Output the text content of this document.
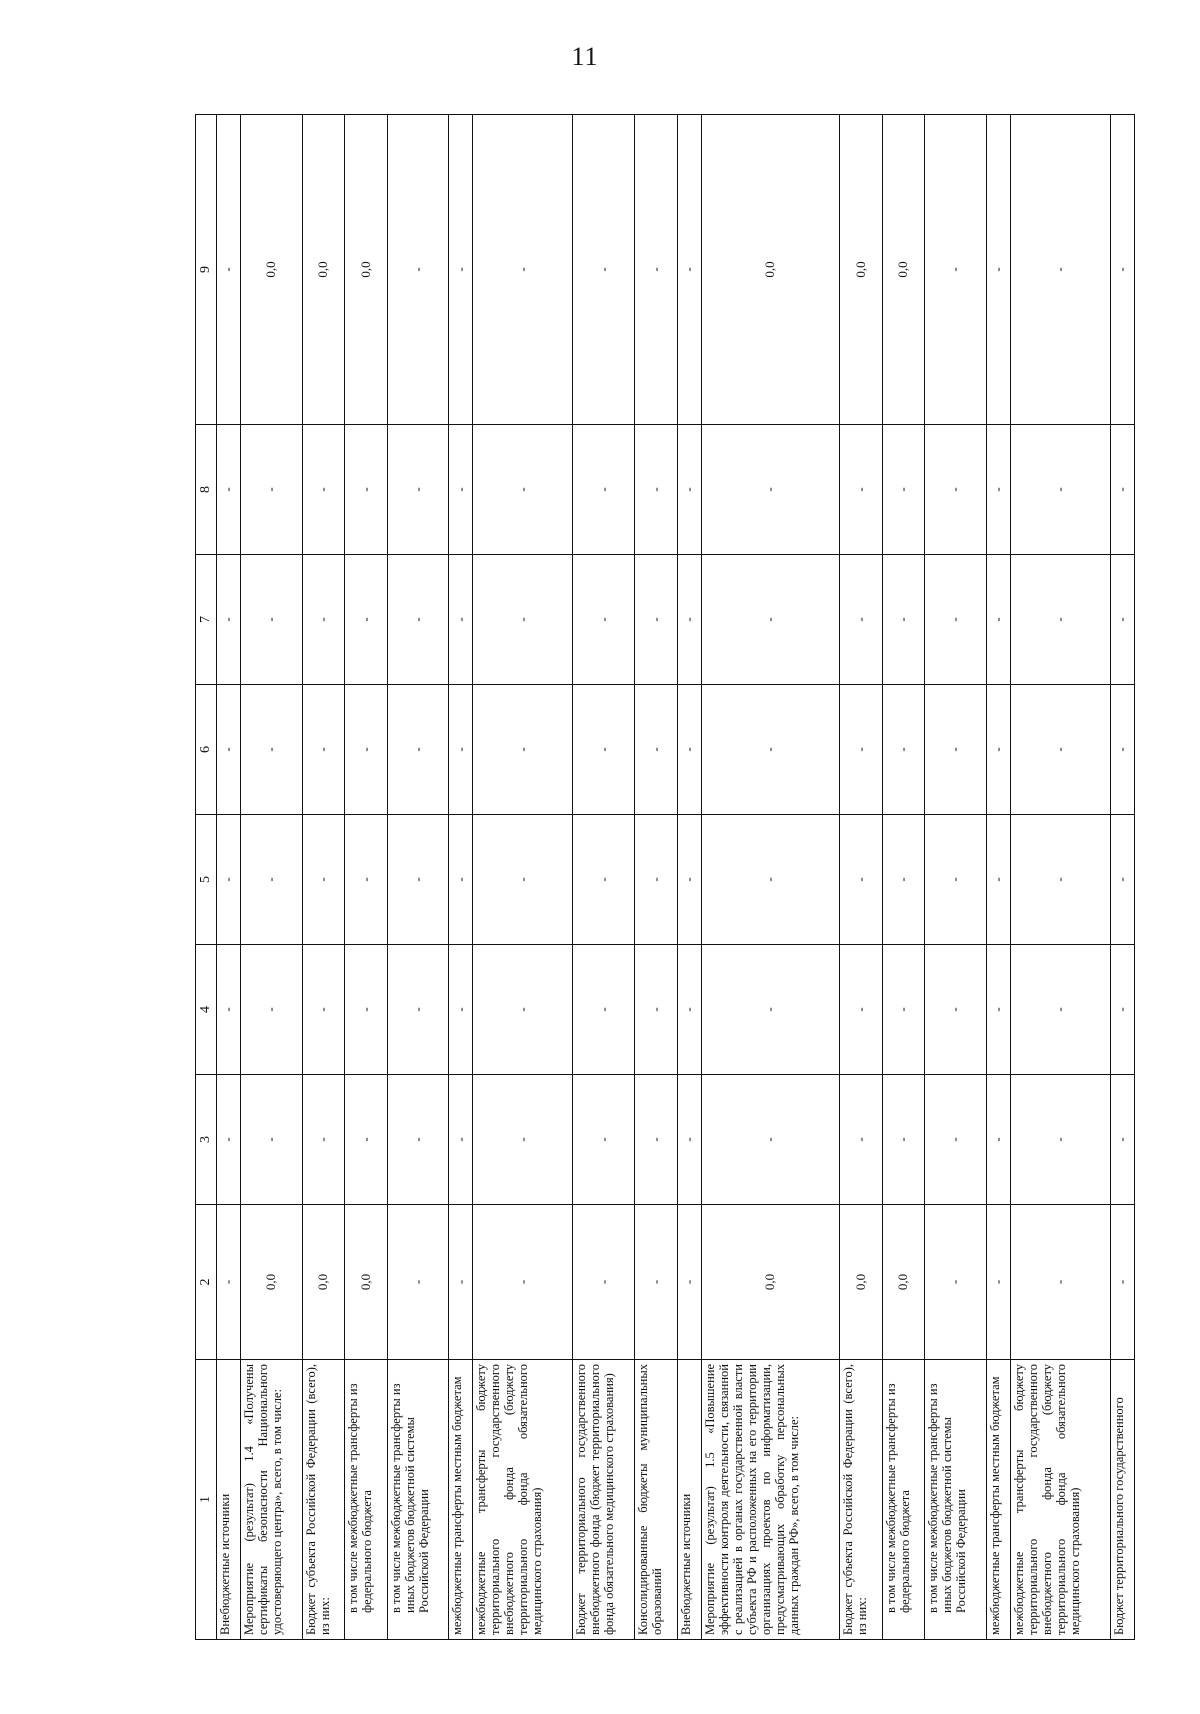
11
1	2	3	4	5	6	7	8	9
Внебюджетные источники	-	-	-	-	-	-	-	-
Мероприятие (результат) 1.4 «Получены сертификаты безопасности Национального удостоверяющего центра», всего, в том числе:	0,0	-	-	-	-	-	-	0,0
Бюджет субъекта Российской Федерации (всего), из них:	0,0	-	-	-	-	-	-	0,0
в том числе межбюджетные трансферты из федерального бюджета	0,0	-	-	-	-	-	-	0,0
в том числе межбюджетные трансферты из иных бюджетов бюджетной системы Российской Федерации	-	-	-	-	-	-	-	-
межбюджетные трансферты местным бюджетам	-	-	-	-	-	-	-	-
межбюджетные трансферты бюджету территориального государственного внебюджетного фонда (бюджету территориального фонда обязательного медицинского страхования)	-	-	-	-	-	-	-	-
Бюджет территориального государственного внебюджетного фонда (бюджет территориального фонда обязательного медицинского страхования)	-	-	-	-	-	-	-	-
Консолидированные бюджеты муниципальных образований	-	-	-	-	-	-	-	-
Внебюджетные источники	-	-	-	-	-	-	-	-
Мероприятие (результат) 1.5 «Повышение эффективности контроля деятельности, связанной с реализацией в органах государственной власти субъекта РФ и расположенных на его территории организациях проектов по информатизации, предусматривающих обработку персональных данных граждан РФ», всего, в том числе:	0,0	-	-	-	-	-	-	0,0
Бюджет субъекта Российской Федерации (всего), из них:	0,0	-	-	-	-	-	-	0,0
в том числе межбюджетные трансферты из федерального бюджета	0,0	-	-	-	-	-	-	0,0
в том числе межбюджетные трансферты из иных бюджетов бюджетной системы Российской Федерации	-	-	-	-	-	-	-	-
межбюджетные трансферты местным бюджетам	-	-	-	-	-	-	-	-
межбюджетные трансферты бюджету территориального государственного внебюджетного фонда (бюджету территориального фонда обязательного медицинского страхования)	-	-	-	-	-	-	-	-
Бюджет территориального государственного	-	-	-	-	-	-	-	-
